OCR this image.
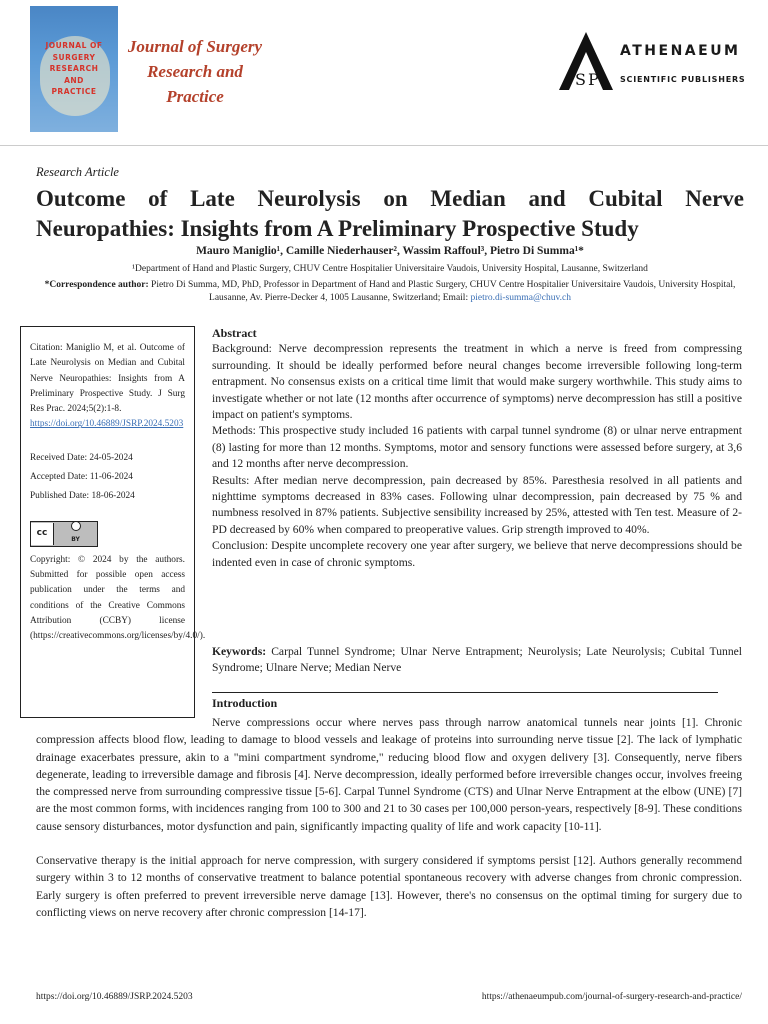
JOURNAL OF
SURGERY
RESEARCH
AND
PRACTICE
Journal of Surgery
Research and
Practice
S P
ATHENAEUM
SCIENTIFIC PUBLISHERS
Research Article
Outcome of Late Neurolysis on Median and Cubital Nerve Neuropathies: Insights from A Preliminary Prospective Study
Mauro Maniglio¹, Camille Niederhauser², Wassim Raffoul³, Pietro Di Summa¹*
¹Department of Hand and Plastic Surgery, CHUV Centre Hospitalier Universitaire Vaudois, University Hospital, Lausanne, Switzerland
*Correspondence author: Pietro Di Summa, MD, PhD, Professor in Department of Hand and Plastic Surgery, CHUV Centre Hospitalier Universitaire Vaudois, University Hospital, Lausanne, Av. Pierre-Decker 4, 1005 Lausanne, Switzerland; Email: pietro.di-summa@chuv.ch
Citation: Maniglio M, et al. Outcome of Late Neurolysis on Median and Cubital Nerve Neuropathies: Insights from A Preliminary Prospective Study. J Surg Res Prac. 2024;5(2):1-8.
https://doi.org/10.46889/JSRP.2024.5203
Received Date: 24-05-2024
Accepted Date: 11-06-2024
Published Date: 18-06-2024
cc
BY
Copyright: © 2024 by the authors. Submitted for possible open access publication under the terms and conditions of the Creative Commons Attribution (CCBY) license (https://creativecommons.org/licenses/by/4.0/).
Abstract

Background: Nerve decompression represents the treatment in which a nerve is freed from compressing surrounding. It should be ideally performed before neural changes become irreversible following long-term entrapment. No consensus exists on a critical time limit that would make surgery worthwhile. This study aims to investigate whether or not late (12 months after occurrence of symptoms) nerve decompression has still a positive impact on patient's symptoms.

Methods: This prospective study included 16 patients with carpal tunnel syndrome (8) or ulnar nerve entrapment (8) lasting for more than 12 months. Symptoms, motor and sensory functions were assessed before surgery, at 3,6 and 12 months after nerve decompression.

Results: After median nerve decompression, pain decreased by 85%. Paresthesia resolved in all patients and nighttime symptoms decreased in 83% cases. Following ulnar decompression, pain decreased by 75 % and numbness resolved in 87% patients. Subjective sensibility increased by 25%, attested with Ten test. Measure of 2-PD decreased by 60% when compared to preoperative values. Grip strength improved to 40%.

Conclusion: Despite uncomplete recovery one year after surgery, we believe that nerve decompressions should be indented even in case of chronic symptoms.

Keywords: Carpal Tunnel Syndrome; Ulnar Nerve Entrapment; Neurolysis; Late Neurolysis; Cubital Tunnel Syndrome; Ulnare Nerve; Median Nerve
Introduction

Nerve compressions occur where nerves pass through narrow anatomical tunnels near joints [1]. Chronic compression affects blood flow, leading to damage to blood vessels and leakage of proteins into surrounding nerve tissue [2]. The lack of lymphatic drainage exacerbates pressure, akin to a "mini compartment syndrome," reducing blood flow and oxygen delivery [3]. Consequently, nerve fibers degenerate, leading to irreversible damage and fibrosis [4]. Nerve decompression, ideally performed before irreversible changes occur, involves freeing the compressed nerve from surrounding compressive tissue [5-6]. Carpal Tunnel Syndrome (CTS) and Ulnar Nerve Entrapment at the elbow (UNE) [7] are the most common forms, with incidences ranging from 100 to 300 and 21 to 30 cases per 100,000 person-years, respectively [8-9]. These conditions cause sensory disturbances, motor dysfunction and pain, significantly impacting quality of life and work capacity [10-11].

Conservative therapy is the initial approach for nerve compression, with surgery considered if symptoms persist [12]. Authors generally recommend surgery within 3 to 12 months of conservative treatment to balance potential spontaneous recovery with adverse changes from chronic compression. Early surgery is often preferred to prevent irreversible nerve damage [13]. However, there's no consensus on the optimal timing for surgery due to conflicting views on nerve recovery after chronic compression [14-17].

https://doi.org/10.46889/JSRP.2024.5203	https://athenaeumpub.com/journal-of-surgery-research-and-practice/
